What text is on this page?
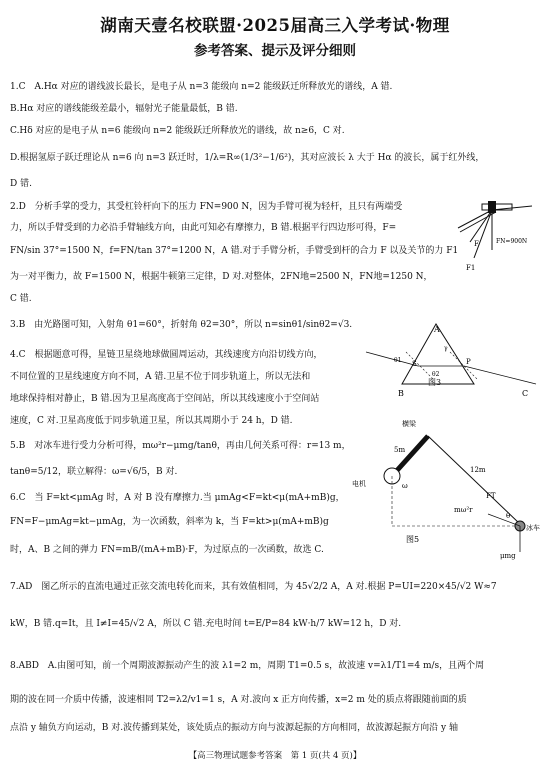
湖南天壹名校联盟·2025届高三入学考试·物理
参考答案、提示及评分细则
1.C　A.Hα 对应的谱线波长最长，是电子从 n=3 能级向 n=2 能级跃迁所释放光的谱线，A 错.
B.Hα 对应的谱线能级差最小，辐射光子能量最低，B 错.
C.Hδ 对应的是电子从 n=6 能级向 n=2 能级跃迁所释放光的谱线，故 n≥6，C 对.
D.根据氢原子跃迁理论从 n=6 向 n=3 跃迁时，1/λ=R∞(1/3²−1/6²)，其对应波长 λ 大于 Hα 的波长，属于红外线，
D 错.
2.D　分析手掌的受力，其受杠铃杆向下的压力 FN=900 N，因为手臂可视为轻杆，且只有两端受
力，所以手臂受到的力必沿手臂轴线方向，由此可知必有摩擦力，B 错.根据平行四边形可得，F=
FN/sin 37°=1500 N，f=FN/tan 37°=1200 N，A 错.对于手臂分析，手臂受到杆的合力 F 以及关节的力 F1
为一对平衡力，故 F=1500 N，根据牛顿第三定律，D 对.对整体，2FN地=2500 N，FN地=1250 N，
C 错.
3.B　由光路图可知，入射角 θ1=60°，折射角 θ2=30°，所以 n=sinθ1/sinθ2=√3.
4.C　根据题意可得，星链卫星绕地球做圆周运动，其线速度方向沿切线方向，
不同位置的卫星线速度方向不同，A 错.卫星不位于同步轨道上，所以无法和
地球保持相对静止，B 错.因为卫星高度高于空间站，所以其线速度小于空间站
速度，C 对.卫星高度低于同步轨道卫星，所以其周期小于 24 h，D 错.
5.B　对冰车进行受力分析可得，mω²r−μmg/tanθ，再由几何关系可得：r=13 m，
tanθ=5/12，联立解得：ω=√6/5，B 对.
6.C　当 F=kt<μmAg 时，A 对 B 没有摩擦力.当 μmAg<F=kt<μ(mA+mB)g，
FN=F−μmAg=kt−μmAg，为一次函数，斜率为 k，当 F=kt>μ(mA+mB)g
时，A、B 之间的弹力 FN=mB/(mA+mB)·F，为过原点的一次函数，故选 C.
7.AD　图乙所示的直流电通过正弦交流电转化而来，其有效值相同，为 45√2/2 A，A 对.根据 P=UI=220×45/√2 W≈7
kW，B 错.q=It，且 I≠I=45/√2 A，所以 C 错.充电时间 t=E/P=84 kW·h/7 kW=12 h，D 对.
8.ABD　A.由图可知，前一个周期波源振动产生的波 λ1=2 m，周期 T1=0.5 s，故波速 v=λ1/T1=4 m/s，且两个周
期的波在同一介质中传播，波速相同 T2=λ2/v1=1 s，A 对.波向 x 正方向传播，x=2 m 处的质点将跟随前面的质
点沿 y 轴负方向运动，B 对.波传播到某处，该处质点的振动方向与波源起振的方向相同，故波源起振方向沿 y 轴
F	FN=900N
F1
A
B	C
S	P
θ1
θ2
γ
图3
横梁
5m
电机	ω
12m
FT
θ
mω²r
冰车
μmg
图5
【高三物理试题参考答案　第 1 页(共 4 页)】
